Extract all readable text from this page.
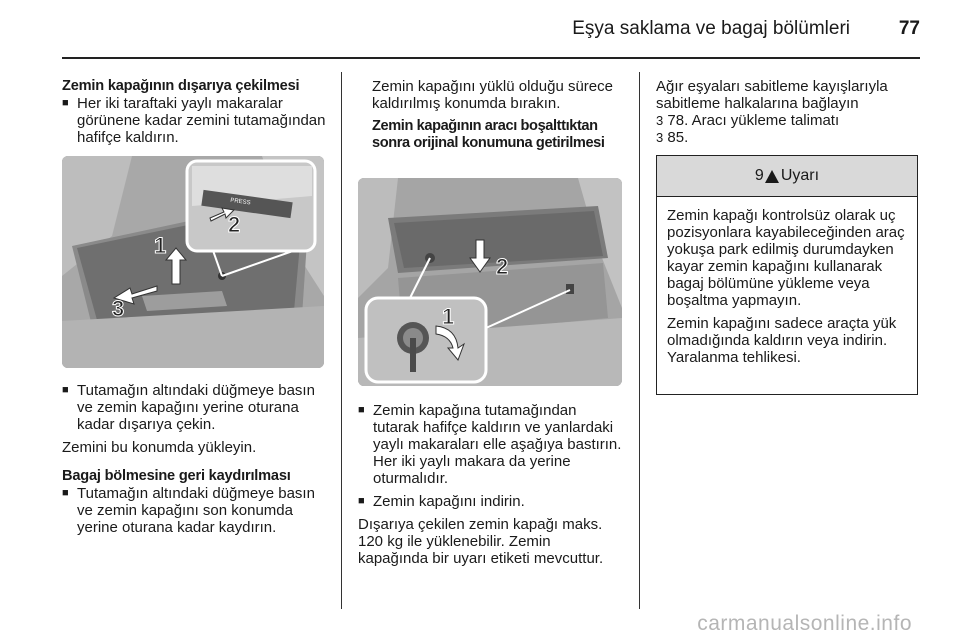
Eşya saklama ve bagaj bölümleri	77
Zemin kapağının dışarıya çekilmesi
■ Her iki taraftaki yaylı makaralar görünene kadar zemini tutamağından hafifçe kaldırın.
PRESS
1
2
3
■ Tutamağın altındaki düğmeye basın ve zemin kapağını yerine oturana kadar dışarıya çekin.

Zemini bu konumda yükleyin.

Bagaj bölmesine geri kaydırılması
■ Tutamağın altındaki düğmeye basın ve zemin kapağını son konumda yerine oturana kadar kaydırın.

Zemin kapağını yüklü olduğu sürece kaldırılmış konumda bırakın.

Zemin kapağının aracı boşalttıktan sonra orijinal konumuna getirilmesi
2
1
■ Zemin kapağına tutamağından tutarak hafifçe kaldırın ve yanlardaki yaylı makaraları elle aşağıya bastırın. Her iki yaylı makara da yerine oturmalıdır.
■ Zemin kapağını indirin.

Dışarıya çekilen zemin kapağı maks. 120 kg ile yüklenebilir. Zemin kapağında bir uyarı etiketi mevcuttur.

Ağır eşyaları sabitleme kayışlarıyla sabitleme halkalarına bağlayın

3 78. Aracı yükleme talimatı
3 85.
9 Uyarı

Zemin kapağı kontrolsüz olarak uç pozisyonlara kayabileceğinden araç yokuşa park edilmiş durumdayken kayar zemin kapağını kullanarak bagaj bölümüne yükleme veya boşaltma yapmayın.

Zemin kapağını sadece araçta yük olmadığında kaldırın veya indirin. Yaralanma tehlikesi.

carmanualsonline.info
